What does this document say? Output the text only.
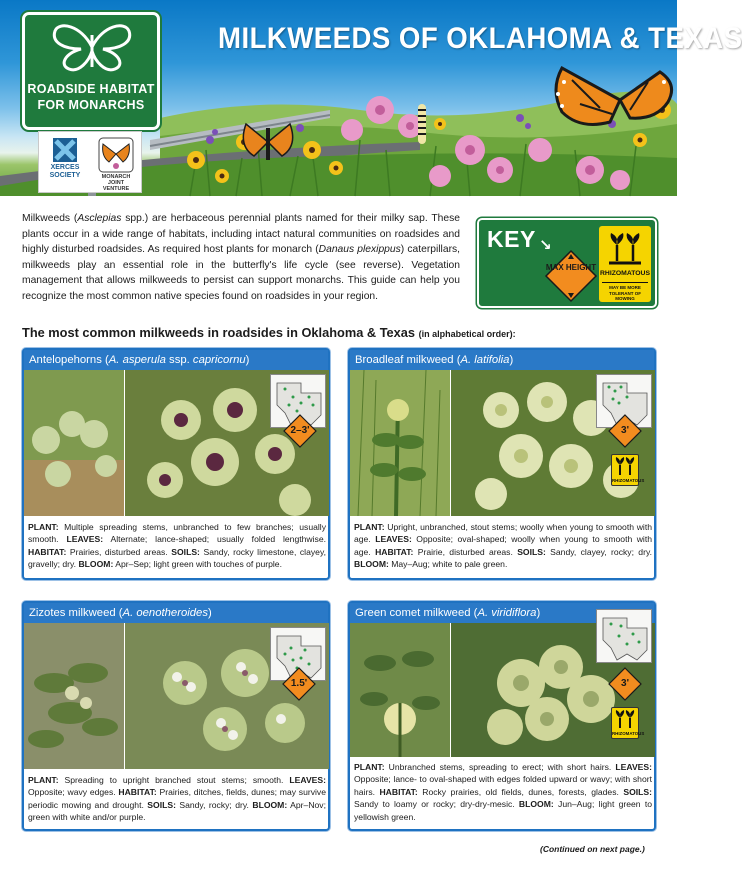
ROADSIDE HABITAT
FOR MONARCHS
XERCES SOCIETY	MONARCH JOINT VENTURE
MILKWEEDS OF OKLAHOMA & TEXAS

Milkweeds (Asclepias spp.) are herbaceous perennial plants named for their milky sap. These plants occur in a wide range of habitats, including intact natural communities on roadsides and highly disturbed roadsides. As required host plants for monarch (Danaus plexippus) caterpillars, milkweeds play an essential role in the butterfly's life cycle (see reverse). Vegetation management that allows milkweeds to persist can support monarchs. This guide can help you recognize the most common native species found on roadsides in your region.

KEY ↘
MAX HEIGHT
RHIZOMATOUS
MAY BE MORE TOLERANT OF MOWING
The most common milkweeds in roadsides in Oklahoma & Texas (in alphabetical order):
Antelopehorns (A. asperula ssp. capricornu)
2–3'

PLANT: Multiple spreading stems, unbranched to few branches; usually smooth. LEAVES: Alternate; lance-shaped; usually folded lengthwise. HABITAT: Prairies, disturbed areas. SOILS: Sandy, rocky limestone, clayey, gravelly; dry. BLOOM: Apr–Sep; light green with touches of purple.

Broadleaf milkweed (A. latifolia)
3'
RHIZOMATOUS

PLANT: Upright, unbranched, stout stems; woolly when young to smooth with age. LEAVES: Opposite; oval-shaped; woolly when young to smooth with age. HABITAT: Prairie, disturbed areas. SOILS: Sandy, clayey, rocky; dry. BLOOM: May–Aug; white to pale green.

Zizotes milkweed (A. oenotheroides)
1.5'

PLANT: Spreading to upright branched stout stems; smooth. LEAVES: Opposite; wavy edges. HABITAT: Prairies, ditches, fields, dunes; may survive periodic mowing and drought. SOILS: Sandy, rocky; dry. BLOOM: Apr–Nov; green with white and/or purple.

Green comet milkweed (A. viridiflora)
3'
RHIZOMATOUS

PLANT: Unbranched stems, spreading to erect; with short hairs. LEAVES: Opposite; lance- to oval-shaped with edges folded upward or wavy; with short hairs. HABITAT: Rocky prairies, old fields, dunes, forests, glades. SOILS: Sandy to loamy or rocky; dry-dry-mesic. BLOOM: Jun–Aug; light green to yellowish green.

(Continued on next page.)
